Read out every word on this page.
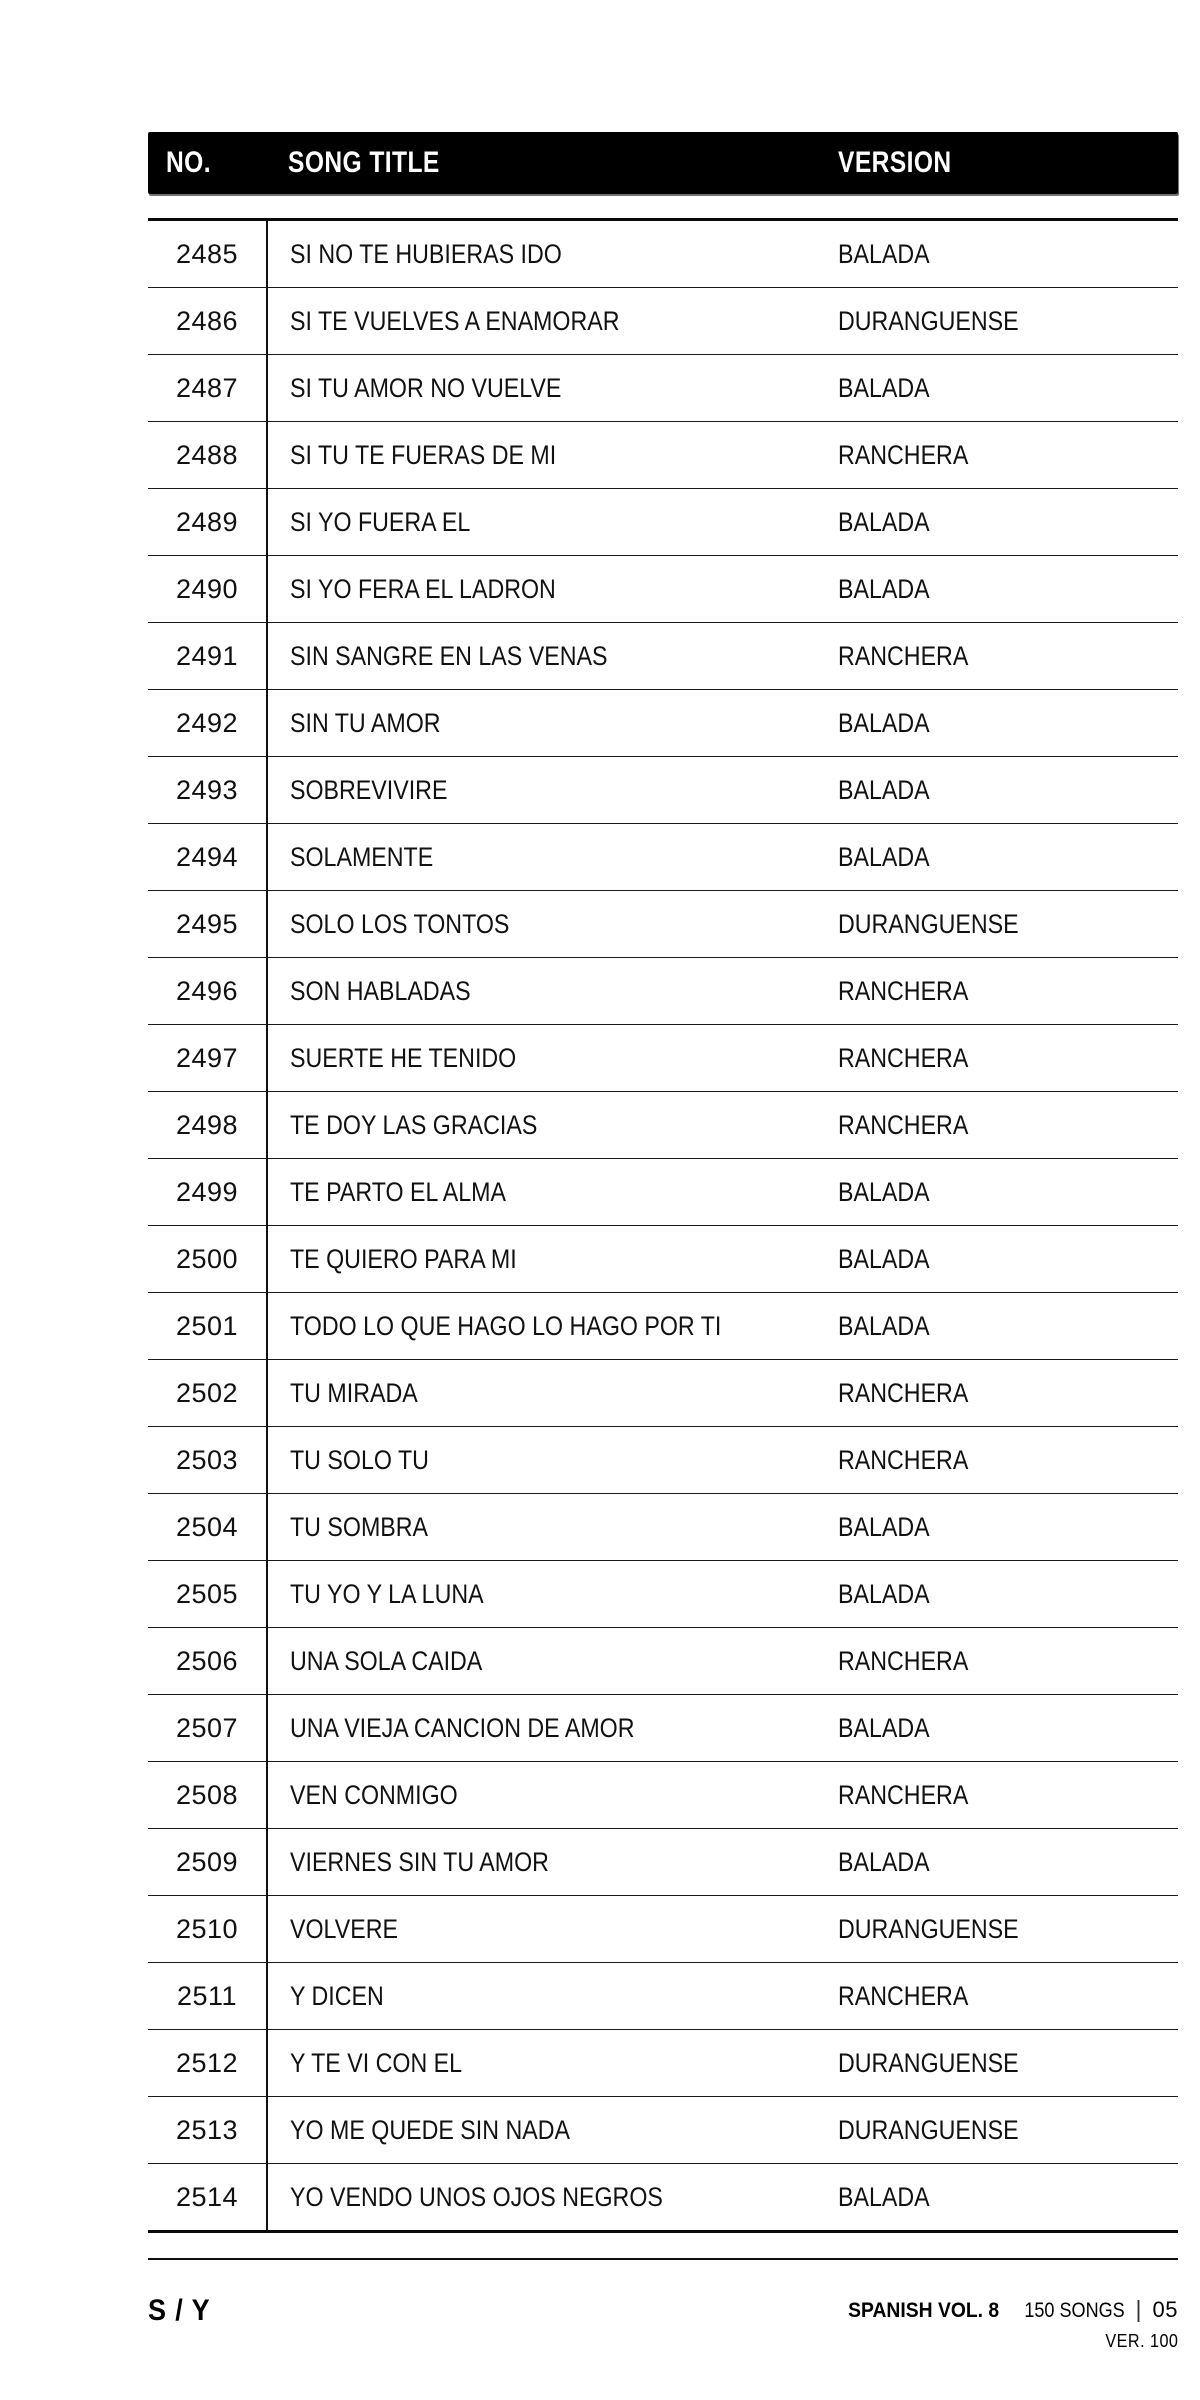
NO.	SONG TITLE	VERSION
2485	SI NO TE HUBIERAS IDO	BALADA
2486	SI TE VUELVES A ENAMORAR	DURANGUENSE
2487	SI TU AMOR NO VUELVE	BALADA
2488	SI TU TE FUERAS DE MI	RANCHERA
2489	SI YO FUERA EL	BALADA
2490	SI YO FERA EL LADRON	BALADA
2491	SIN SANGRE EN LAS VENAS	RANCHERA
2492	SIN TU AMOR	BALADA
2493	SOBREVIVIRE	BALADA
2494	SOLAMENTE	BALADA
2495	SOLO LOS TONTOS	DURANGUENSE
2496	SON HABLADAS	RANCHERA
2497	SUERTE HE TENIDO	RANCHERA
2498	TE DOY LAS GRACIAS	RANCHERA
2499	TE PARTO EL ALMA	BALADA
2500	TE QUIERO PARA MI	BALADA
2501	TODO LO QUE HAGO LO HAGO POR TI	BALADA
2502	TU MIRADA	RANCHERA
2503	TU SOLO TU	RANCHERA
2504	TU SOMBRA	BALADA
2505	TU YO Y LA LUNA	BALADA
2506	UNA SOLA CAIDA	RANCHERA
2507	UNA VIEJA CANCION DE AMOR	BALADA
2508	VEN CONMIGO	RANCHERA
2509	VIERNES SIN TU AMOR	BALADA
2510	VOLVERE	DURANGUENSE
2511	Y DICEN	RANCHERA
2512	Y TE VI CON EL	DURANGUENSE
2513	YO ME QUEDE SIN NADA	DURANGUENSE
2514	YO VENDO UNOS OJOS NEGROS	BALADA
S / Y	SPANISH VOL. 8 150 SONGS | 05
VER. 100
